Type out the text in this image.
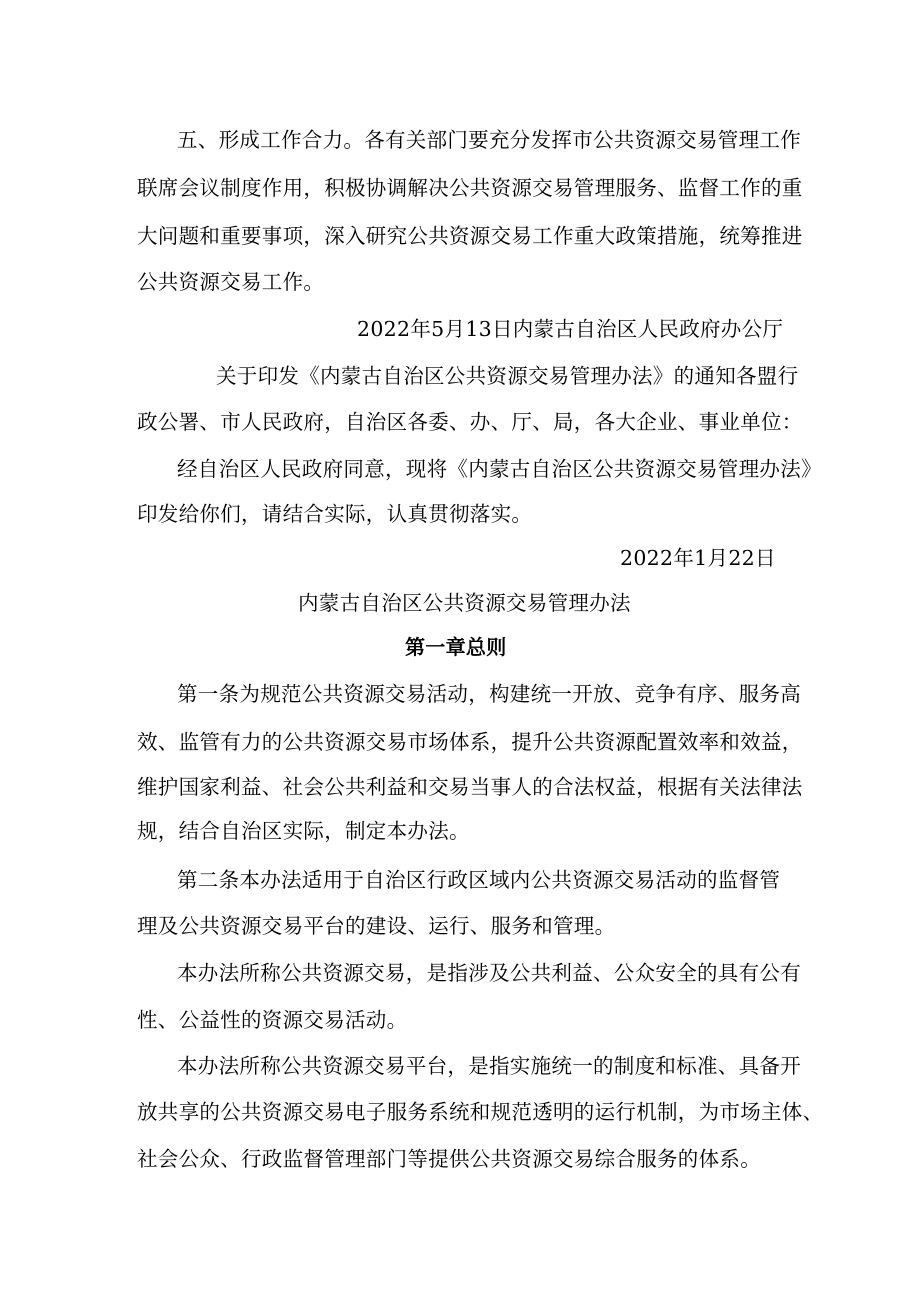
五、形成工作合力。各有关部门要充分发挥市公共资源交易管理工作
联席会议制度作用，积极协调解决公共资源交易管理服务、监督工作的重
大问题和重要事项，深入研究公共资源交易工作重大政策措施，统筹推进
公共资源交易工作。
2022年5月13日内蒙古自治区人民政府办公厅
关于印发《内蒙古自治区公共资源交易管理办法》的通知各盟行
政公署、市人民政府，自治区各委、办、厅、局，各大企业、事业单位：
经自治区人民政府同意，现将《内蒙古自治区公共资源交易管理办法》
印发给你们，请结合实际，认真贯彻落实。
2022年1月22日
内蒙古自治区公共资源交易管理办法
第一章总则
第一条为规范公共资源交易活动，构建统一开放、竞争有序、服务高
效、监管有力的公共资源交易市场体系，提升公共资源配置效率和效益，
维护国家利益、社会公共利益和交易当事人的合法权益，根据有关法律法
规，结合自治区实际，制定本办法。
第二条本办法适用于自治区行政区域内公共资源交易活动的监督管
理及公共资源交易平台的建设、运行、服务和管理。
本办法所称公共资源交易，是指涉及公共利益、公众安全的具有公有
性、公益性的资源交易活动。
本办法所称公共资源交易平台，是指实施统一的制度和标准、具备开
放共享的公共资源交易电子服务系统和规范透明的运行机制，为市场主体、
社会公众、行政监督管理部门等提供公共资源交易综合服务的体系。
